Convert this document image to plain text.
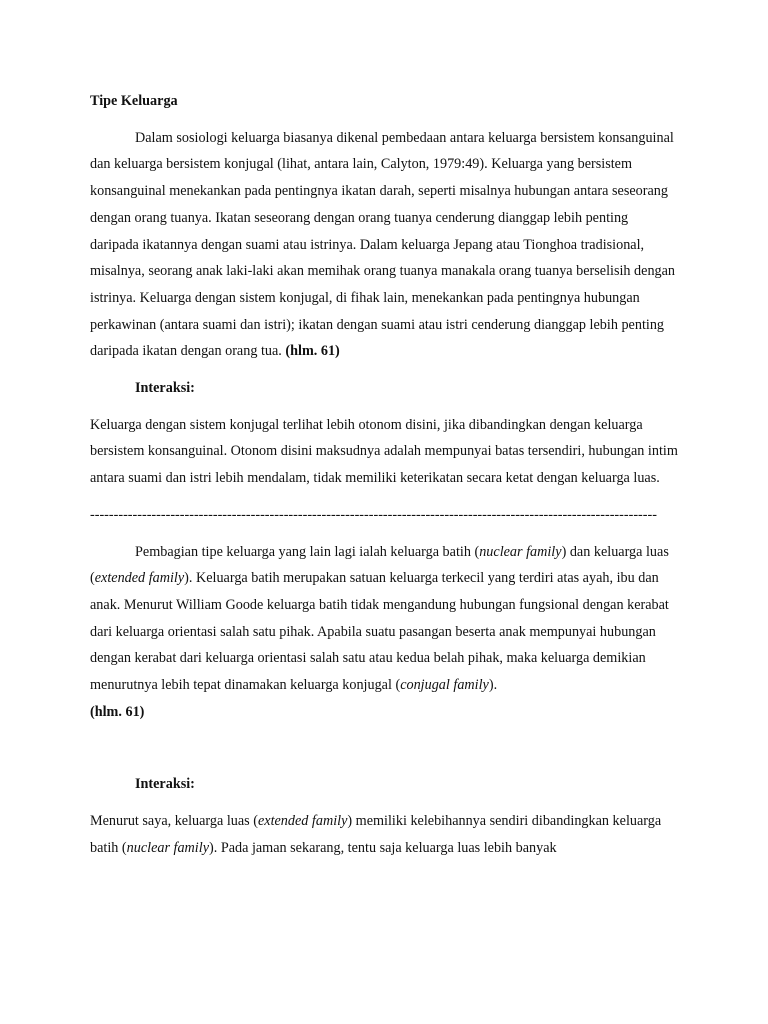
Tipe Keluarga

Dalam sosiologi keluarga biasanya dikenal pembedaan antara keluarga bersistem konsanguinal dan keluarga bersistem konjugal (lihat, antara lain, Calyton, 1979:49). Keluarga yang bersistem konsanguinal menekankan pada pentingnya ikatan darah, seperti misalnya hubungan antara seseorang dengan orang tuanya. Ikatan seseorang dengan orang tuanya cenderung dianggap lebih penting daripada ikatannya dengan suami atau istrinya. Dalam keluarga Jepang atau Tionghoa tradisional, misalnya, seorang anak laki-laki akan memihak orang tuanya manakala orang tuanya berselisih dengan istrinya. Keluarga dengan sistem konjugal, di fihak lain, menekankan pada pentingnya hubungan perkawinan (antara suami dan istri); ikatan dengan suami atau istri cenderung dianggap lebih penting daripada ikatan dengan orang tua. (hlm. 61)

Interaksi:

Keluarga dengan sistem konjugal terlihat lebih otonom disini, jika dibandingkan dengan keluarga bersistem konsanguinal. Otonom disini maksudnya adalah mempunyai batas tersendiri, hubungan intim antara suami dan istri lebih mendalam, tidak memiliki keterikatan secara ketat dengan keluarga luas.

------------------------------------------------------------------------------------------------------------------------

Pembagian tipe keluarga yang lain lagi ialah keluarga batih (nuclear family) dan keluarga luas (extended family). Keluarga batih merupakan satuan keluarga terkecil yang terdiri atas ayah, ibu dan anak. Menurut William Goode keluarga batih tidak mengandung hubungan fungsional dengan kerabat dari keluarga orientasi salah satu pihak. Apabila suatu pasangan beserta anak mempunyai hubungan dengan kerabat dari keluarga orientasi salah satu atau kedua belah pihak, maka keluarga demikian menurutnya lebih tepat dinamakan keluarga konjugal (conjugal family).
(hlm. 61)

Interaksi:

Menurut saya, keluarga luas (extended family) memiliki kelebihannya sendiri dibandingkan keluarga batih (nuclear family). Pada jaman sekarang, tentu saja keluarga luas lebih banyak
